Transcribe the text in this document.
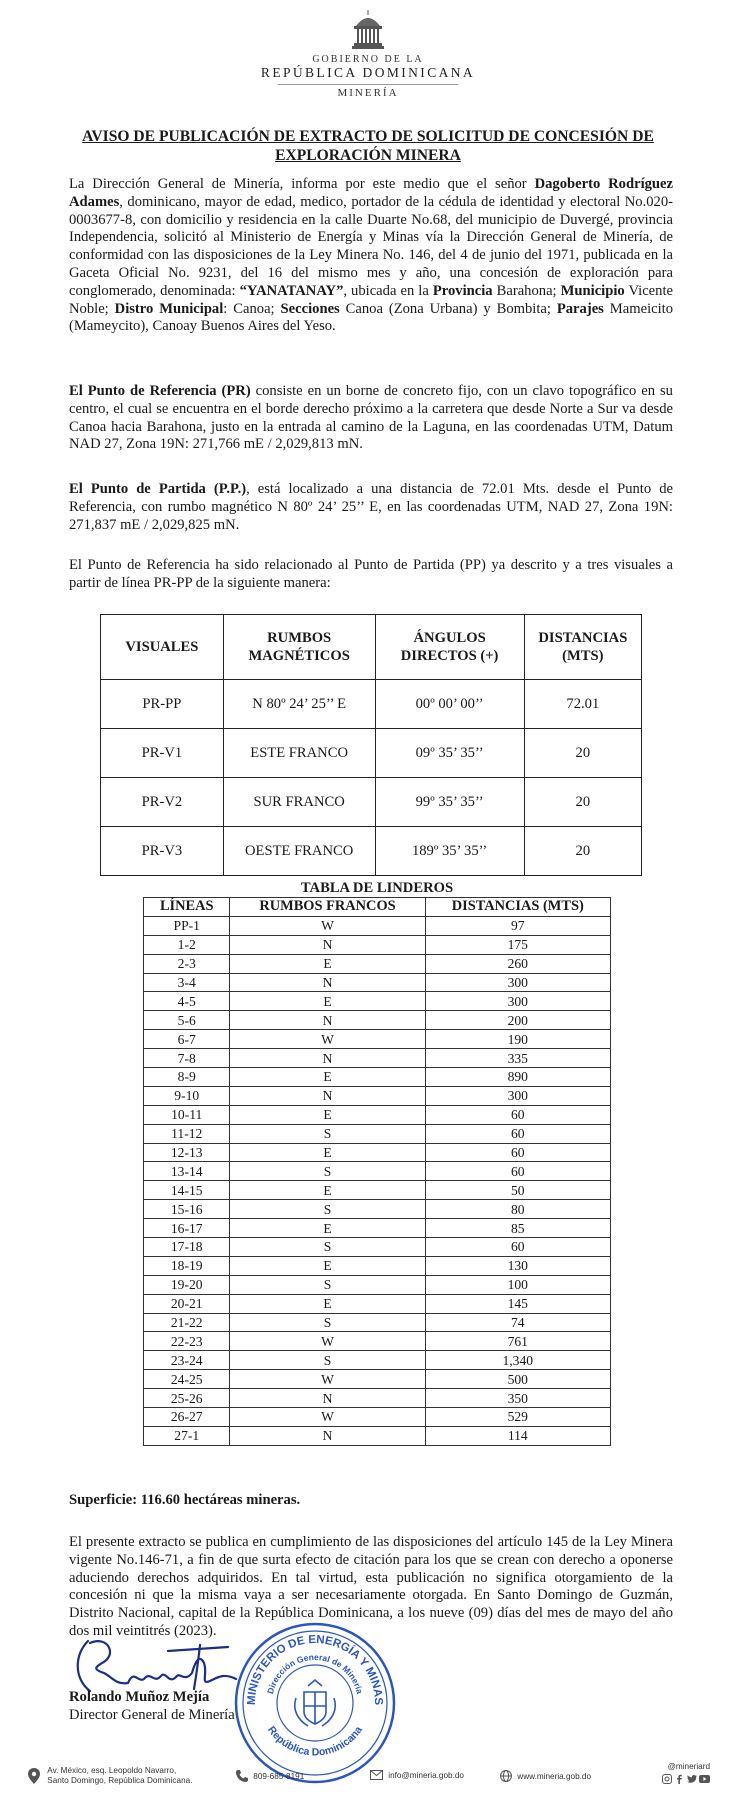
GOBIERNO DE LA
REPÚBLICA DOMINICANA
MINERÍA
AVISO DE PUBLICACIÓN DE EXTRACTO DE SOLICITUD DE CONCESIÓN DE EXPLORACIÓN MINERA

La Dirección General de Minería, informa por este medio que el señor Dagoberto Rodríguez Adames, dominicano, mayor de edad, medico, portador de la cédula de identidad y electoral No.020-0003677-8, con domicilio y residencia en la calle Duarte No.68, del municipio de Duvergé, provincia Independencia, solicitó al Ministerio de Energía y Minas vía la Dirección General de Minería, de conformidad con las disposiciones de la Ley Minera No. 146, del 4 de junio del 1971, publicada en la Gaceta Oficial No. 9231, del 16 del mismo mes y año, una concesión de exploración para conglomerado, denominada: “YANATANAY”, ubicada en la Provincia Barahona; Municipio Vicente Noble; Distro Municipal: Canoa; Secciones Canoa (Zona Urbana) y Bombita; Parajes Mameicito (Mameycito), Canoay Buenos Aires del Yeso.

El Punto de Referencia (PR) consiste en un borne de concreto fijo, con un clavo topográfico en su centro, el cual se encuentra en el borde derecho próximo a la carretera que desde Norte a Sur va desde Canoa hacia Barahona, justo en la entrada al camino de la Laguna, en las coordenadas UTM, Datum NAD 27, Zona 19N: 271,766 mE / 2,029,813 mN.

El Punto de Partida (P.P.), está localizado a una distancia de 72.01 Mts. desde el Punto de Referencia, con rumbo magnético N 80º 24’ 25’’ E, en las coordenadas UTM, NAD 27, Zona 19N: 271,837 mE / 2,029,825 mN.

El Punto de Referencia ha sido relacionado al Punto de Partida (PP) ya descrito y a tres visuales a partir de línea PR-PP de la siguiente manera:

VISUALES	RUMBOS MAGNÉTICOS	ÁNGULOS DIRECTOS (+)	DISTANCIAS (MTS)
PR-PP	N 80º 24’ 25’’ E	00º 00’ 00’’	72.01
PR-V1	ESTE FRANCO	09º 35’ 35’’	20
PR-V2	SUR FRANCO	99º 35’ 35’’	20
PR-V3	OESTE FRANCO	189º 35’ 35’’	20
TABLA DE LINDEROS
LÍNEAS	RUMBOS FRANCOS	DISTANCIAS (MTS)
PP-1	W	97
1-2	N	175
2-3	E	260
3-4	N	300
4-5	E	300
5-6	N	200
6-7	W	190
7-8	N	335
8-9	E	890
9-10	N	300
10-11	E	60
11-12	S	60
12-13	E	60
13-14	S	60
14-15	E	50
15-16	S	80
16-17	E	85
17-18	S	60
18-19	E	130
19-20	S	100
20-21	E	145
21-22	S	74
22-23	W	761
23-24	S	1,340
24-25	W	500
25-26	N	350
26-27	W	529
27-1	N	114
Superficie: 116.60 hectáreas mineras.

El presente extracto se publica en cumplimiento de las disposiciones del artículo 145 de la Ley Minera vigente No.146-71, a fin de que surta efecto de citación para los que se crean con derecho a oponerse aduciendo derechos adquiridos. En tal virtud, esta publicación no significa otorgamiento de la concesión ni que la misma vaya a ser necesariamente otorgada. En Santo Domingo de Guzmán, Distrito Nacional, capital de la República Dominicana, a los nueve (09) días del mes de mayo del año dos mil veintitrés (2023).

Rolando Muñoz Mejía
Director General de Minería
MINISTERIO DE ENERGÍA Y MINAS
Dirección General de Minería
República Dominicana
Av. México, esq. Leopoldo Navarro,
Santo Domingo, República Dominicana.	809-685-8191	info@mineria.gob.do	www.mineria.gob.do
@mineriard
